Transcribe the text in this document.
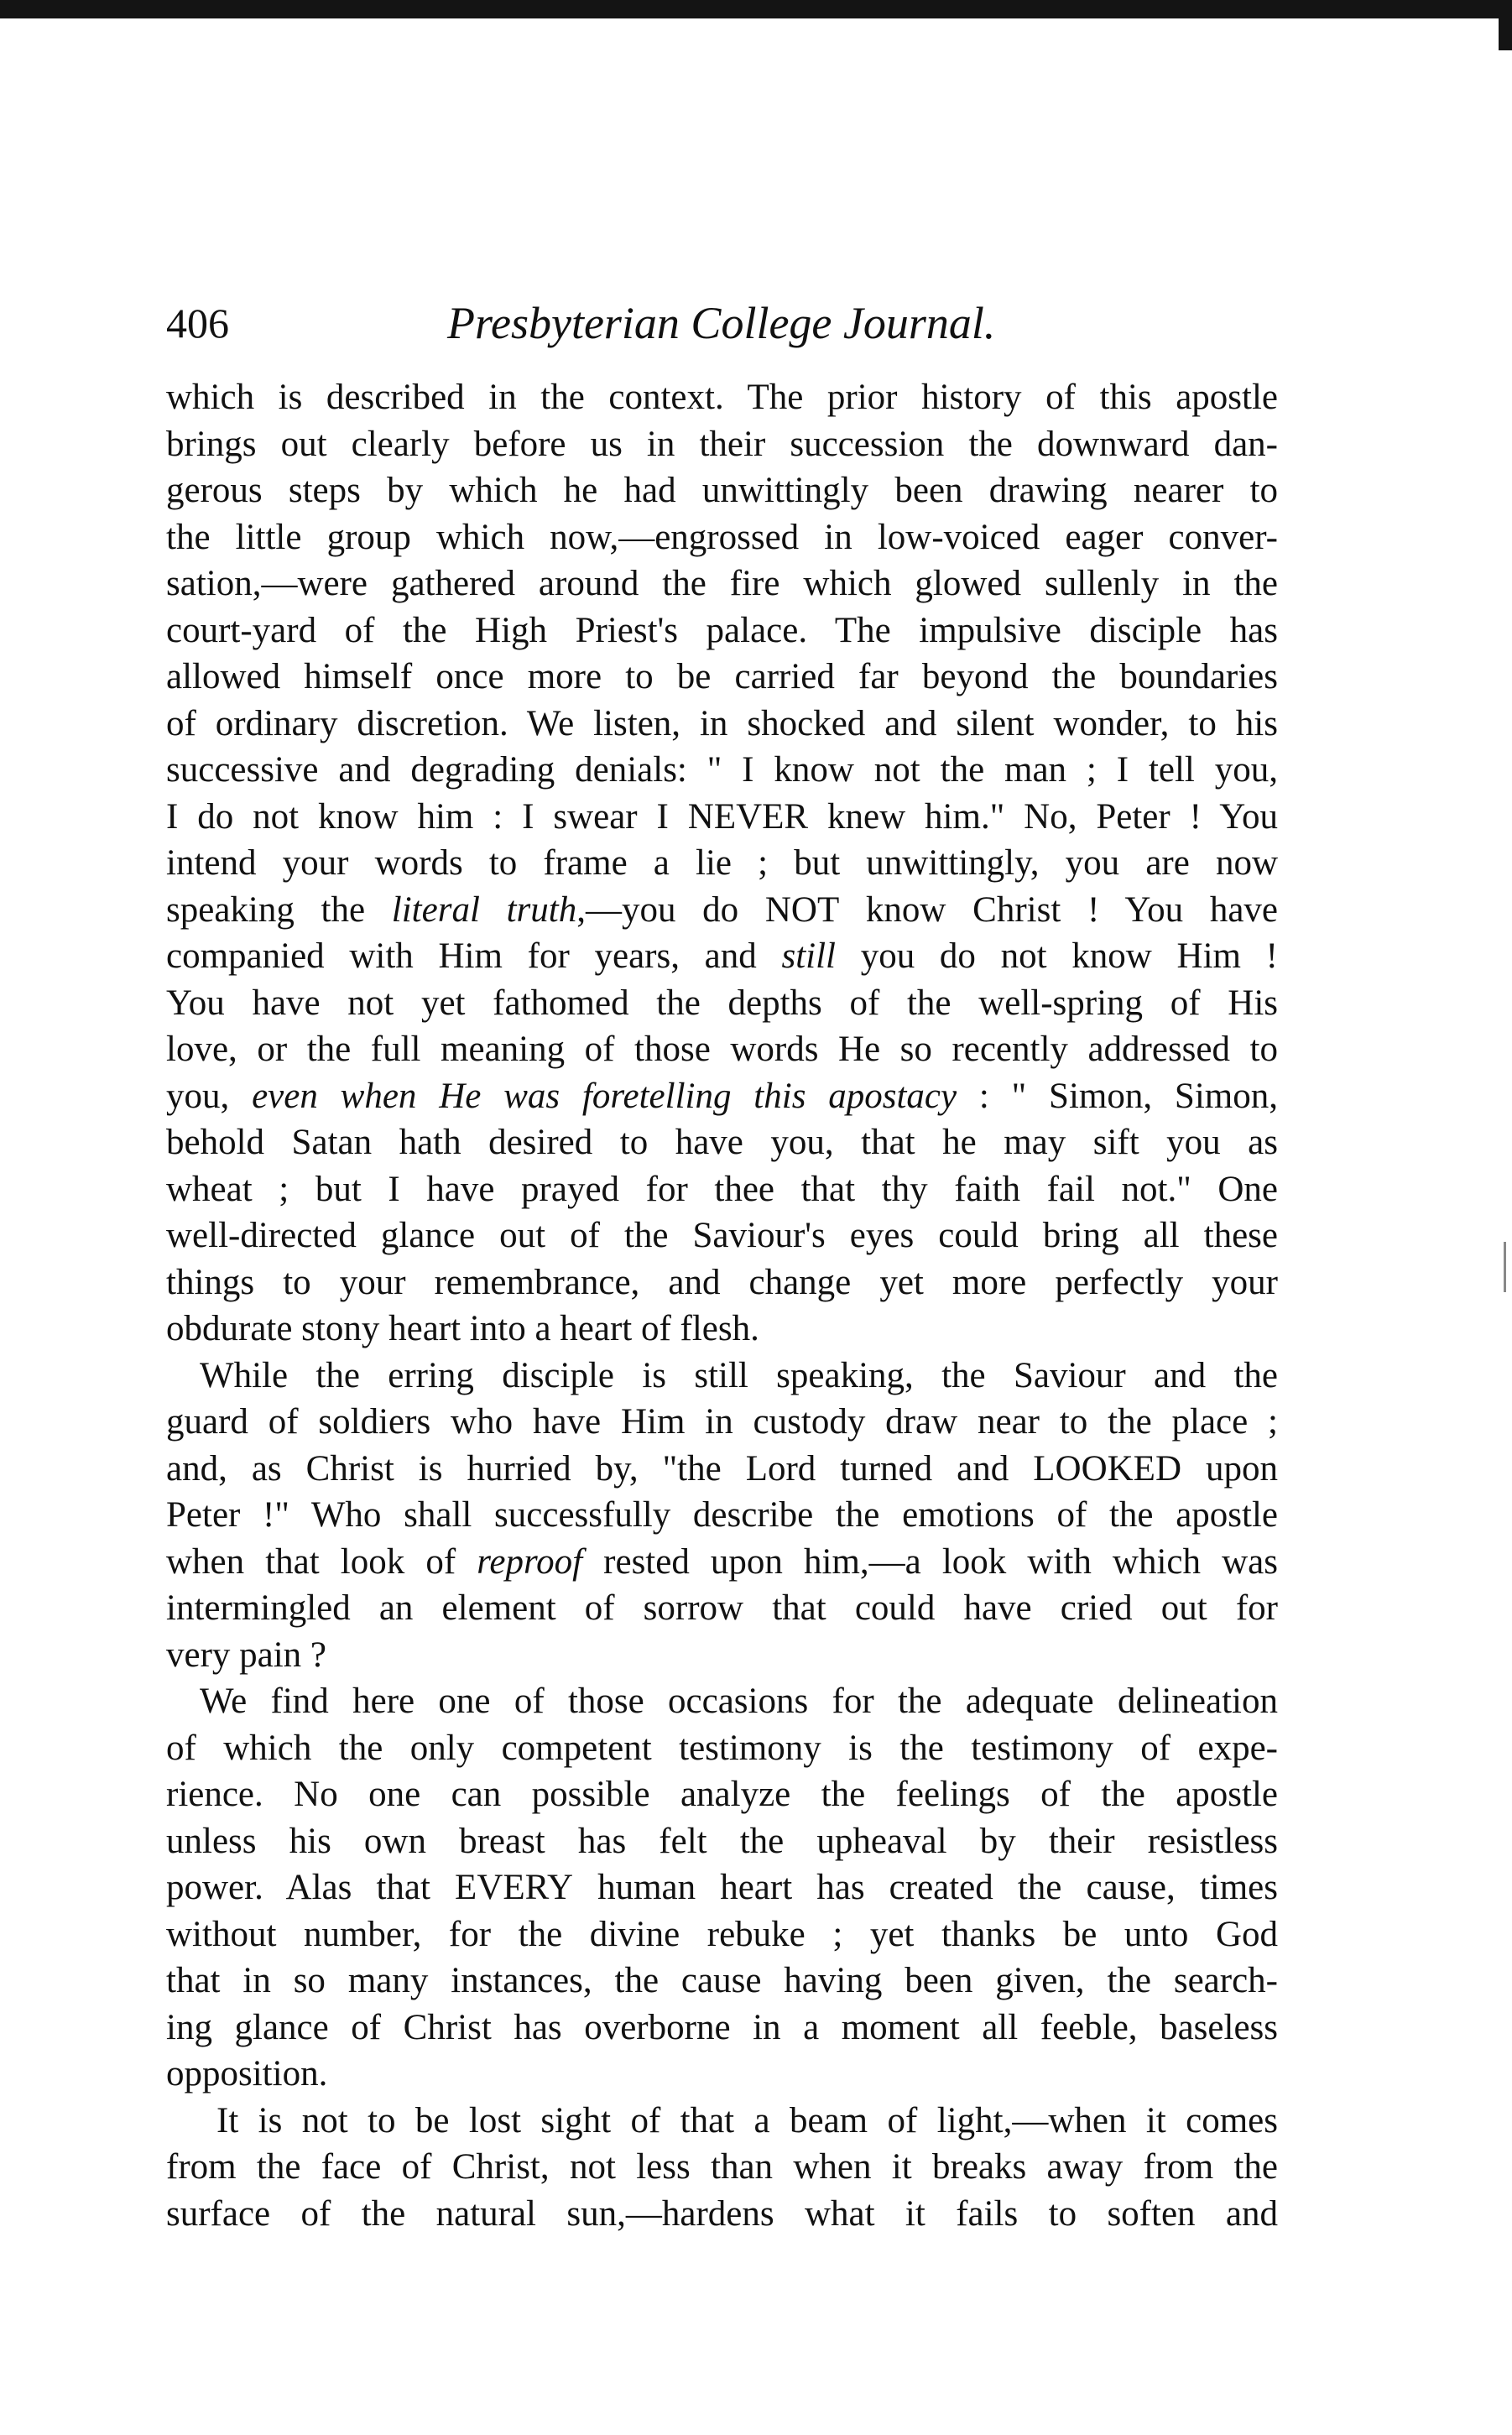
406	Presbyterian College Journal.
which is described in the context. The prior history of this apostle
brings out clearly before us in their succession the downward dan-
gerous steps by which he had unwittingly been drawing nearer to
the little group which now,—engrossed in low-voiced eager conver-
sation,—were gathered around the fire which glowed sullenly in the
court-yard of the High Priest's palace. The impulsive disciple has
allowed himself once more to be carried far beyond the boundaries
of ordinary discretion. We listen, in shocked and silent wonder, to his
successive and degrading denials: " I know not the man ; I tell you,
I do not know him : I swear I NEVER knew him." No, Peter ! You
intend your words to frame a lie ; but unwittingly, you are now
speaking the literal truth,—you do NOT know Christ ! You have
companied with Him for years, and still you do not know Him !
You have not yet fathomed the depths of the well-spring of His
love, or the full meaning of those words He so recently addressed to
you, even when He was foretelling this apostacy : " Simon, Simon,
behold Satan hath desired to have you, that he may sift you as
wheat ; but I have prayed for thee that thy faith fail not." One
well-directed glance out of the Saviour's eyes could bring all these
things to your remembrance, and change yet more perfectly your
obdurate stony heart into a heart of flesh.
While the erring disciple is still speaking, the Saviour and the
guard of soldiers who have Him in custody draw near to the place ;
and, as Christ is hurried by, "the Lord turned and LOOKED upon
Peter !" Who shall successfully describe the emotions of the apostle
when that look of reproof rested upon him,—a look with which was
intermingled an element of sorrow that could have cried out for
very pain ?
We find here one of those occasions for the adequate delineation
of which the only competent testimony is the testimony of expe-
rience. No one can possible analyze the feelings of the apostle
unless his own breast has felt the upheaval by their resistless
power. Alas that EVERY human heart has created the cause, times
without number, for the divine rebuke ; yet thanks be unto God
that in so many instances, the cause having been given, the search-
ing glance of Christ has overborne in a moment all feeble, baseless
opposition.
It is not to be lost sight of that a beam of light,—when it comes
from the face of Christ, not less than when it breaks away from the
surface of the natural sun,—hardens what it fails to soften and
